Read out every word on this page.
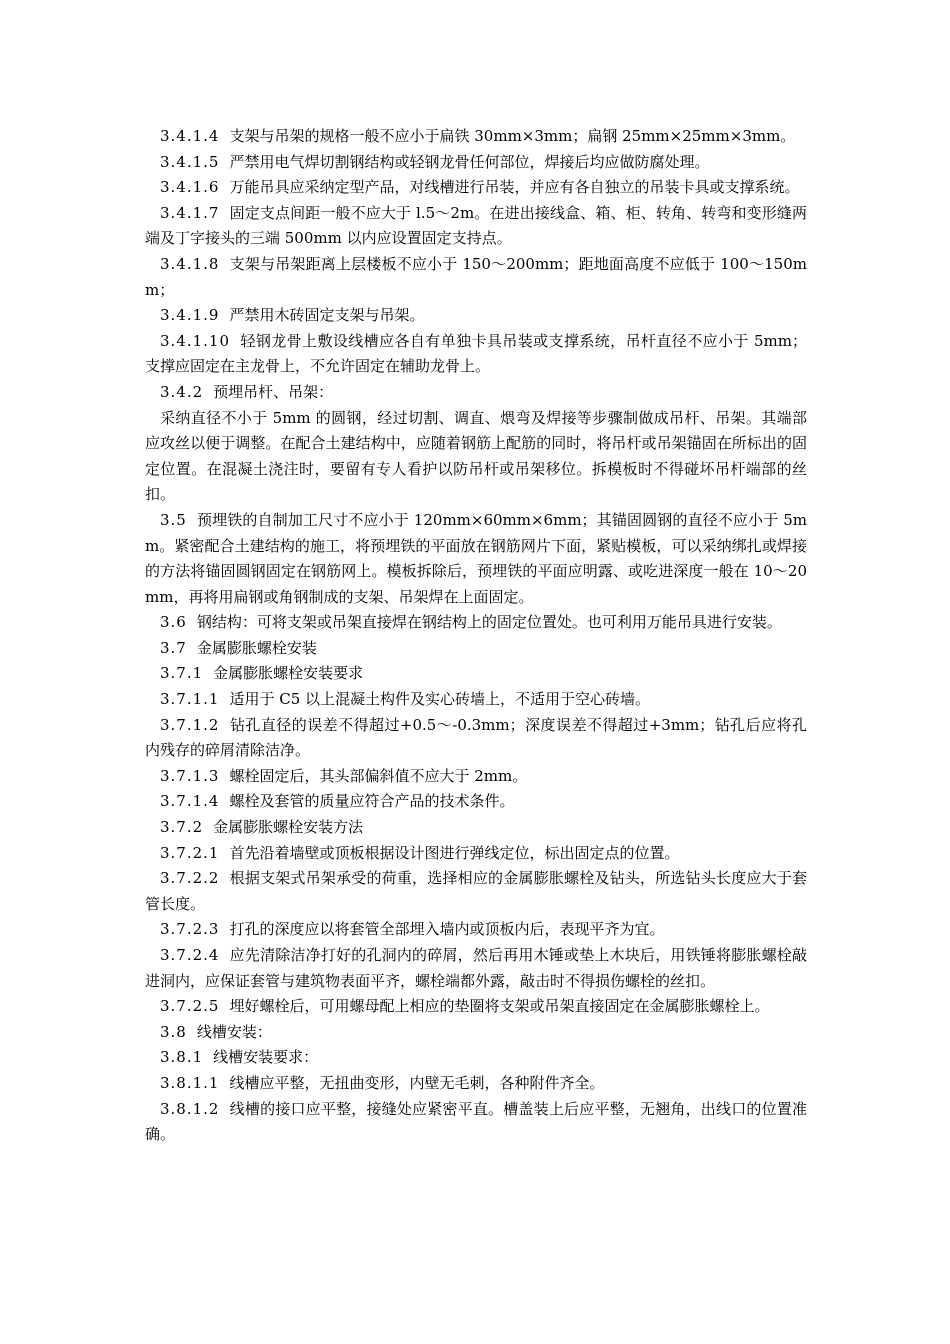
3.4.1.4 支架与吊架的规格一般不应小于扁铁 30mm×3mm；扁钢 25mm×25mm×3mm。

3.4.1.5 严禁用电气焊切割钢结构或轻钢龙骨任何部位，焊接后均应做防腐处理。

3.4.1.6 万能吊具应采纳定型产品，对线槽进行吊装，并应有各自独立的吊装卡具或支撑系统。

3.4.1.7 固定支点间距一般不应大于 l.5～2m。在进出接线盒、箱、柜、转角、转弯和变形缝两端及丁字接头的三端 500mm 以内应设置固定支持点。

3.4.1.8 支架与吊架距离上层楼板不应小于 150～200mm；距地面高度不应低于 100～150mm；

3.4.1.9 严禁用木砖固定支架与吊架。

3.4.1.10 轻钢龙骨上敷设线槽应各自有单独卡具吊装或支撑系统，吊杆直径不应小于 5mm；支撑应固定在主龙骨上，不允许固定在辅助龙骨上。

3.4.2 预埋吊杆、吊架：

采纳直径不小于 5mm 的圆钢，经过切割、调直、煨弯及焊接等步骤制做成吊杆、吊架。其端部应攻丝以便于调整。在配合土建结构中，应随着钢筋上配筋的同时，将吊杆或吊架锚固在所标出的固定位置。在混凝土浇注时，要留有专人看护以防吊杆或吊架移位。拆模板时不得碰坏吊杆端部的丝扣。

3.5 预埋铁的自制加工尺寸不应小于 120mm×60mm×6mm；其锚固圆钢的直径不应小于 5mm。紧密配合土建结构的施工，将预埋铁的平面放在钢筋网片下面，紧贴模板，可以采纳绑扎或焊接的方法将锚固圆钢固定在钢筋网上。模板拆除后，预埋铁的平面应明露、或吃进深度一般在 10～20mm，再将用扁钢或角钢制成的支架、吊架焊在上面固定。

3.6 钢结构：可将支架或吊架直接焊在钢结构上的固定位置处。也可利用万能吊具进行安装。

3.7 金属膨胀螺栓安装

3.7.1 金属膨胀螺栓安装要求

3.7.1.1 适用于 C5 以上混凝土构件及实心砖墙上，不适用于空心砖墙。

3.7.1.2 钻孔直径的误差不得超过+0.5～-0.3mm；深度误差不得超过+3mm；钻孔后应将孔内残存的碎屑清除洁净。

3.7.1.3 螺栓固定后，其头部偏斜值不应大于 2mm。

3.7.1.4 螺栓及套管的质量应符合产品的技术条件。

3.7.2 金属膨胀螺栓安装方法

3.7.2.1 首先沿着墙壁或顶板根据设计图进行弹线定位，标出固定点的位置。

3.7.2.2 根据支架式吊架承受的荷重，选择相应的金属膨胀螺栓及钻头，所选钻头长度应大于套管长度。

3.7.2.3 打孔的深度应以将套管全部埋入墙内或顶板内后，表现平齐为宜。

3.7.2.4 应先清除洁净打好的孔洞内的碎屑，然后再用木锤或垫上木块后，用铁锤将膨胀螺栓敲进洞内，应保证套管与建筑物表面平齐，螺栓端都外露，敲击时不得损伤螺栓的丝扣。

3.7.2.5 埋好螺栓后，可用螺母配上相应的垫圈将支架或吊架直接固定在金属膨胀螺栓上。

3.8 线槽安装：

3.8.1 线槽安装要求：

3.8.1.1 线槽应平整，无扭曲变形，内壁无毛刺，各种附件齐全。

3.8.1.2 线槽的接口应平整，接缝处应紧密平直。槽盖装上后应平整，无翘角，出线口的位置准确。
